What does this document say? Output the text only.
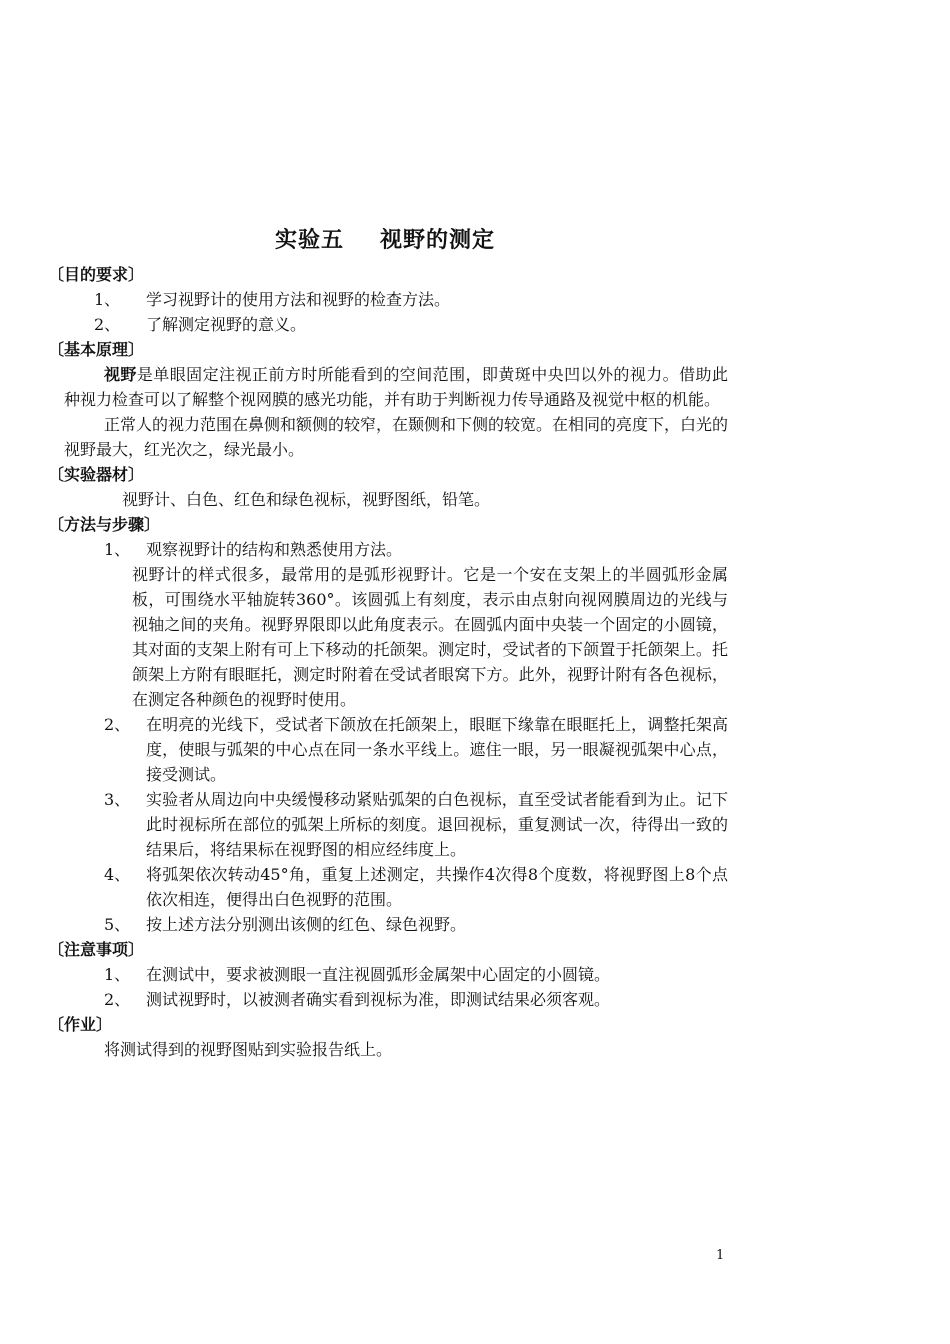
实验五 视野的测定
〔目的要求〕
1、	学习视野计的使用方法和视野的检查方法。
2、	了解测定视野的意义。
〔基本原理〕
视野是单眼固定注视正前方时所能看到的空间范围，即黄斑中央凹以外的视力。借助此种视力检查可以了解整个视网膜的感光功能，并有助于判断视力传导通路及视觉中枢的机能。
正常人的视力范围在鼻侧和额侧的较窄，在颞侧和下侧的较宽。在相同的亮度下，白光的视野最大，红光次之，绿光最小。
〔实验器材〕
视野计、白色、红色和绿色视标，视野图纸，铅笔。
〔方法与步骤〕
1、 观察视野计的结构和熟悉使用方法。
视野计的样式很多，最常用的是弧形视野计。它是一个安在支架上的半圆弧形金属板，可围绕水平轴旋转360°。该圆弧上有刻度，表示由点射向视网膜周边的光线与视轴之间的夹角。视野界限即以此角度表示。在圆弧内面中央装一个固定的小圆镜，其对面的支架上附有可上下移动的托颌架。测定时，受试者的下颌置于托颌架上。托颌架上方附有眼眶托，测定时附着在受试者眼窝下方。此外，视野计附有各色视标，在测定各种颜色的视野时使用。
2、 在明亮的光线下，受试者下颌放在托颌架上，眼眶下缘靠在眼眶托上，调整托架高度，使眼与弧架的中心点在同一条水平线上。遮住一眼，另一眼凝视弧架中心点，接受测试。
3、 实验者从周边向中央缓慢移动紧贴弧架的白色视标，直至受试者能看到为止。记下此时视标所在部位的弧架上所标的刻度。退回视标，重复测试一次，待得出一致的结果后，将结果标在视野图的相应经纬度上。
4、 将弧架依次转动45°角，重复上述测定，共操作4次得8个度数，将视野图上8个点依次相连，便得出白色视野的范围。
5、 按上述方法分别测出该侧的红色、绿色视野。
〔注意事项〕
1、 在测试中，要求被测眼一直注视圆弧形金属架中心固定的小圆镜。
2、 测试视野时，以被测者确实看到视标为准，即测试结果必须客观。
〔作业〕
将测试得到的视野图贴到实验报告纸上。
1
